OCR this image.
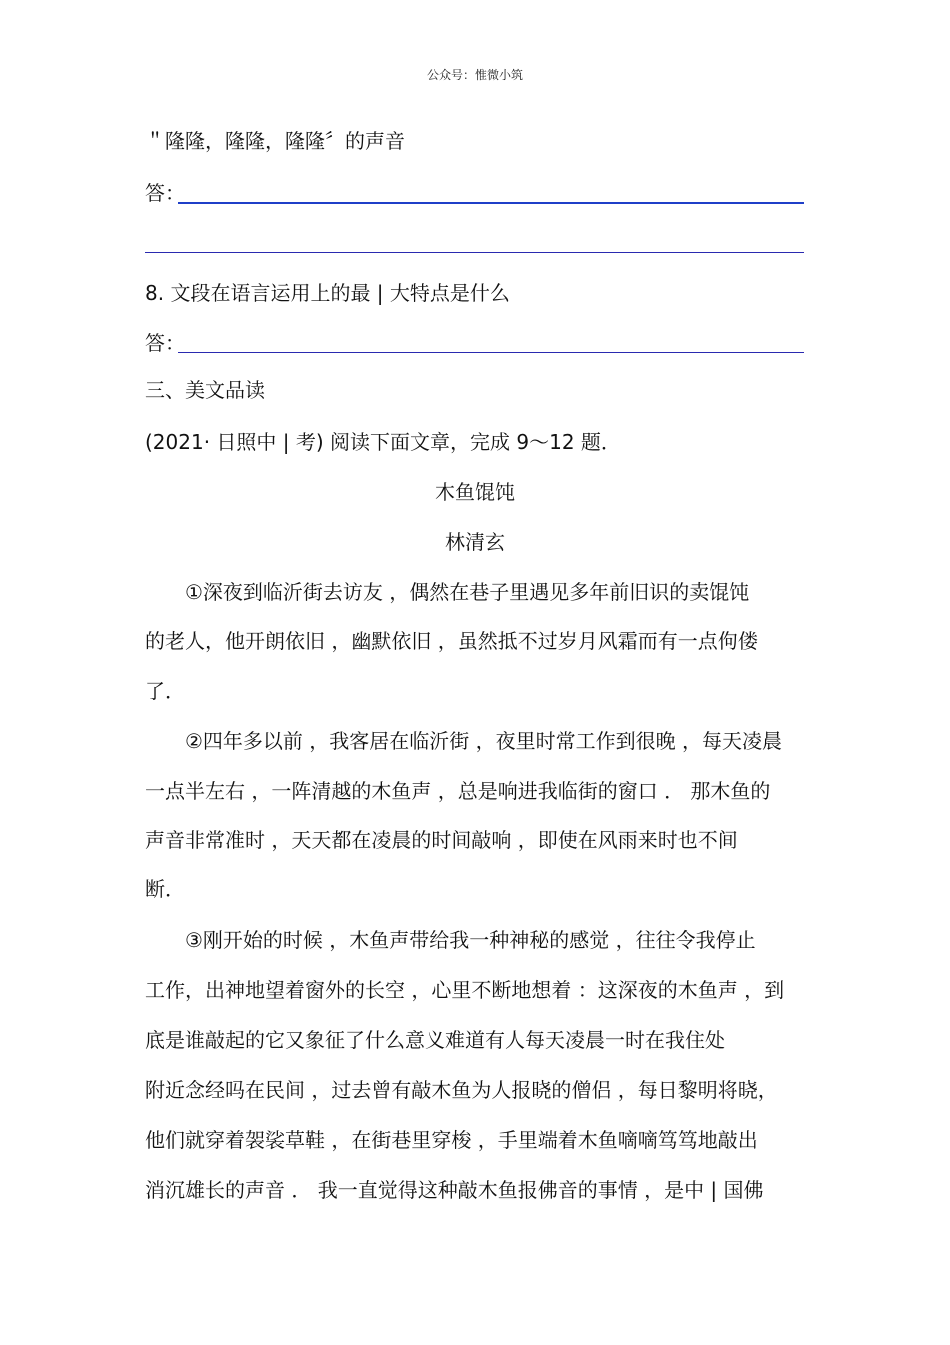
公众号：惟微小筑
＂隆隆，隆隆，隆隆〞的声音
答：
8. 文段在语言运用上的最 | 大特点是什么
答：
三、美文品读
(2021· 日照中 | 考) 阅读下面文章，完成 9～12 题．
木鱼馄饨
林清玄
　　①深夜到临沂街去访友 ，偶然在巷子里遇见多年前旧识的卖馄饨
的老人，他开朗依旧 ，幽默依旧 ，虽然抵不过岁月风霜而有一点佝偻
了．
　　②四年多以前 ，我客居在临沂街 ，夜里时常工作到很晚 ，每天凌晨
一点半左右 ，一阵清越的木鱼声 ，总是响进我临街的窗口 ． 那木鱼的
声音非常准时 ，天天都在凌晨的时间敲响 ，即使在风雨来时也不间
断．
　　③刚开始的时候 ，木鱼声带给我一种神秘的感觉 ，往往令我停止
工作，出神地望着窗外的长空 ，心里不断地想着 ：这深夜的木鱼声 ，到
底是谁敲起的它又象征了什么意义难道有人每天凌晨一时在我住处
附近念经吗在民间 ，过去曾有敲木鱼为人报晓的僧侣 ，每日黎明将晓，
他们就穿着袈裟草鞋 ，在街巷里穿梭 ，手里端着木鱼嘀嘀笃笃地敲出
消沉雄长的声音 ． 我一直觉得这种敲木鱼报佛音的事情 ，是中 | 国佛
